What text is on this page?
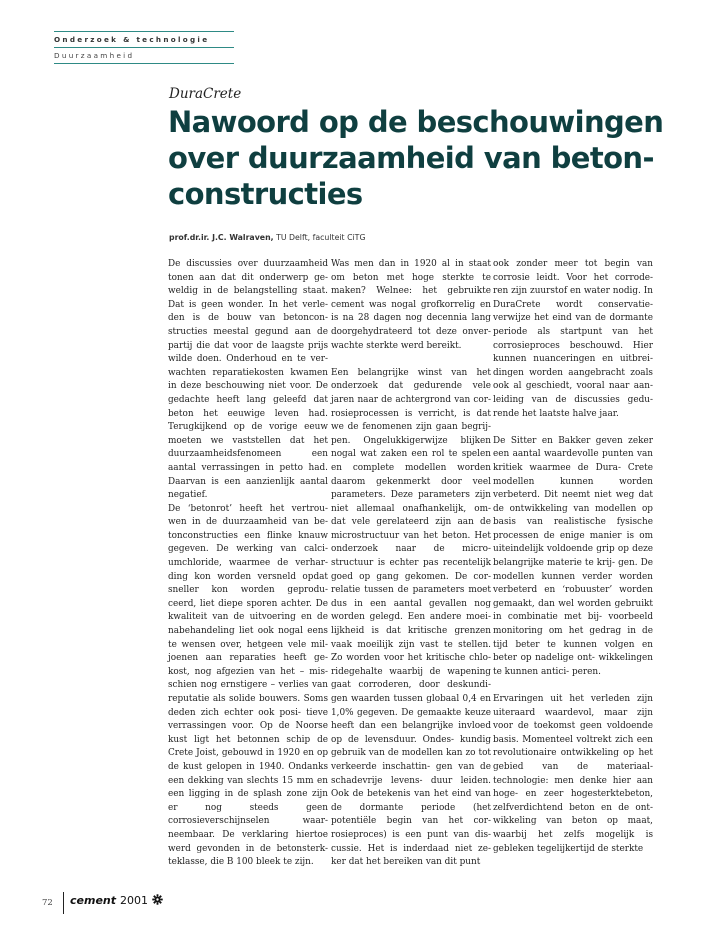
Onderzoek & technologie
Duurzaamheid
DuraCrete
Nawoord op de beschouwingen over duurzaamheid van beton- constructies
prof.dr.ir. J.C. Walraven, TU Delft, faculteit CiTG

De discussies over duurzaamheid tonen aan dat dit onderwerp ge- weldig in de belangstelling staat. Dat is geen wonder. In het verle- den is de bouw van betoncon- structies meestal gegund aan de partij die dat voor de laagste prijs wilde doen. Onderhoud en te ver- wachten reparatiekosten kwamen in deze beschouwing niet voor. De gedachte heeft lang geleefd dat beton het eeuwige leven had. Terugkijkend op de vorige eeuw moeten we vaststellen dat het duurzaamheidsfenomeen een aantal verrassingen in petto had. Daarvan is een aanzienlijk aantal negatief.

De ‘betonrot’ heeft het vertrou- wen in de duurzaamheid van be- tonconstructies een flinke knauw gegeven. De werking van calci- umchloride, waarmee de verhar- ding kon worden versneld opdat sneller kon worden geprodu- ceerd, liet diepe sporen achter. De kwaliteit van de uitvoering en de nabehandeling liet ook nogal eens te wensen over, hetgeen vele mil- joenen aan reparaties heeft ge- kost, nog afgezien van het – mis- schien nog ernstigere – verlies van reputatie als solide bouwers. Soms deden zich echter ook posi- tieve verrassingen voor. Op de Noorse kust ligt het betonnen schip de Crete Joist, gebouwd in 1920 en op de kust gelopen in 1940. Ondanks een dekking van slechts 15 mm en een ligging in de splash zone zijn er nog steeds geen corrosieverschijnselen waar- neembaar. De verklaring hiertoe werd gevonden in de betonsterk- teklasse, die B 100 bleek te zijn.

Was men dan in 1920 al in staat om beton met hoge sterkte te maken? Welnee: het gebruikte cement was nogal grofkorrelig en is na 28 dagen nog decennia lang doorgehydrateerd tot deze onver- wachte sterkte werd bereikt.

Een belangrijke winst van het onderzoek dat gedurende vele jaren naar de achtergrond van cor- rosieprocessen is verricht, is dat we de fenomenen zijn gaan begrij- pen. Ongelukkigerwijze blijken nogal wat zaken een rol te spelen en complete modellen worden daarom gekenmerkt door veel parameters. Deze parameters zijn niet allemaal onafhankelijk, om- dat vele gerelateerd zijn aan de microstructuur van het beton. Het onderzoek naar de micro- structuur is echter pas recentelijk goed op gang gekomen. De cor- relatie tussen de parameters moet dus in een aantal gevallen nog worden gelegd. Een andere moei- lijkheid is dat kritische grenzen vaak moeilijk zijn vast te stellen. Zo worden voor het kritische chlo- ridegehalte waarbij de wapening gaat corroderen, door deskundi- gen waarden tussen globaal 0,4 en 1,0% gegeven. De gemaakte keuze heeft dan een belangrijke invloed op de levensduur. Ondes- kundig gebruik van de modellen kan zo tot verkeerde inschattin- gen van de schadevrije levens- duur leiden. Ook de betekenis van het eind van de dormante periode (het potentiële begin van het cor- rosieproces) is een punt van dis- cussie. Het is inderdaad niet ze- ker dat het bereiken van dit punt

ook zonder meer tot begin van corrosie leidt. Voor het corrode- ren zijn zuurstof en water nodig. In DuraCrete wordt conservatie- verwijze het eind van de dormante periode als startpunt van het corrosieproces beschouwd. Hier kunnen nuanceringen en uitbrei- dingen worden aangebracht zoals ook al geschiedt, vooral naar aan- leiding van de discussies gedu- rende het laatste halve jaar.

De Sitter en Bakker geven zeker een aantal waardevolle punten van kritiek waarmee de Dura- Crete modellen kunnen worden verbeterd. Dit neemt niet weg dat de ontwikkeling van modellen op basis van realistische fysische processen de enige manier is om uiteindelijk voldoende grip op deze belangrijke materie te krij- gen. De modellen kunnen verder worden verbeterd en ‘robuuster’ worden gemaakt, dan wel worden gebruikt in combinatie met bij- voorbeeld monitoring om het gedrag in de tijd beter te kunnen volgen en beter op nadelige ont- wikkelingen te kunnen antici- peren.

Ervaringen uit het verleden zijn uiteraard waardevol, maar zijn voor de toekomst geen voldoende basis. Momenteel voltrekt zich een revolutionaire ontwikkeling op het gebied van de materiaal- technologie: men denke hier aan hoge- en zeer hogesterktebeton, zelfverdichtend beton en de ont- wikkeling van beton op maat, waarbij het zelfs mogelijk is gebleken tegelijkertijd de sterkte

72 cement 2001
